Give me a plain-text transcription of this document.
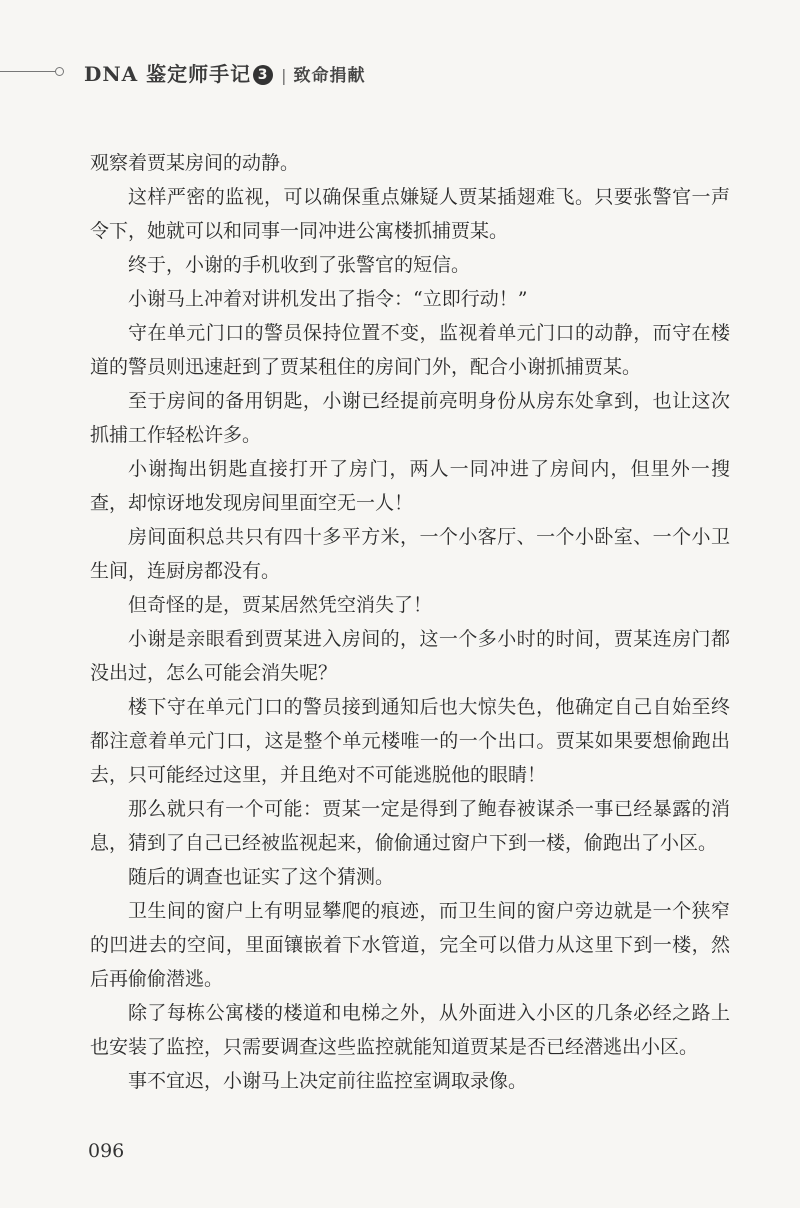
DNA 鉴定师手记 3 | 致命捐献

观察着贾某房间的动静。

这样严密的监视，可以确保重点嫌疑人贾某插翅难飞。只要张警官一声令下，她就可以和同事一同冲进公寓楼抓捕贾某。

终于，小谢的手机收到了张警官的短信。

小谢马上冲着对讲机发出了指令：“立即行动！”

守在单元门口的警员保持位置不变，监视着单元门口的动静，而守在楼道的警员则迅速赶到了贾某租住的房间门外，配合小谢抓捕贾某。

至于房间的备用钥匙，小谢已经提前亮明身份从房东处拿到，也让这次抓捕工作轻松许多。

小谢掏出钥匙直接打开了房门，两人一同冲进了房间内，但里外一搜查，却惊讶地发现房间里面空无一人！

房间面积总共只有四十多平方米，一个小客厅、一个小卧室、一个小卫生间，连厨房都没有。

但奇怪的是，贾某居然凭空消失了！

小谢是亲眼看到贾某进入房间的，这一个多小时的时间，贾某连房门都没出过，怎么可能会消失呢？

楼下守在单元门口的警员接到通知后也大惊失色，他确定自己自始至终都注意着单元门口，这是整个单元楼唯一的一个出口。贾某如果要想偷跑出去，只可能经过这里，并且绝对不可能逃脱他的眼睛！

那么就只有一个可能：贾某一定是得到了鲍春被谋杀一事已经暴露的消息，猜到了自己已经被监视起来，偷偷通过窗户下到一楼，偷跑出了小区。

随后的调查也证实了这个猜测。

卫生间的窗户上有明显攀爬的痕迹，而卫生间的窗户旁边就是一个狭窄的凹进去的空间，里面镶嵌着下水管道，完全可以借力从这里下到一楼，然后再偷偷潜逃。

除了每栋公寓楼的楼道和电梯之外，从外面进入小区的几条必经之路上也安装了监控，只需要调查这些监控就能知道贾某是否已经潜逃出小区。

事不宜迟，小谢马上决定前往监控室调取录像。

096
